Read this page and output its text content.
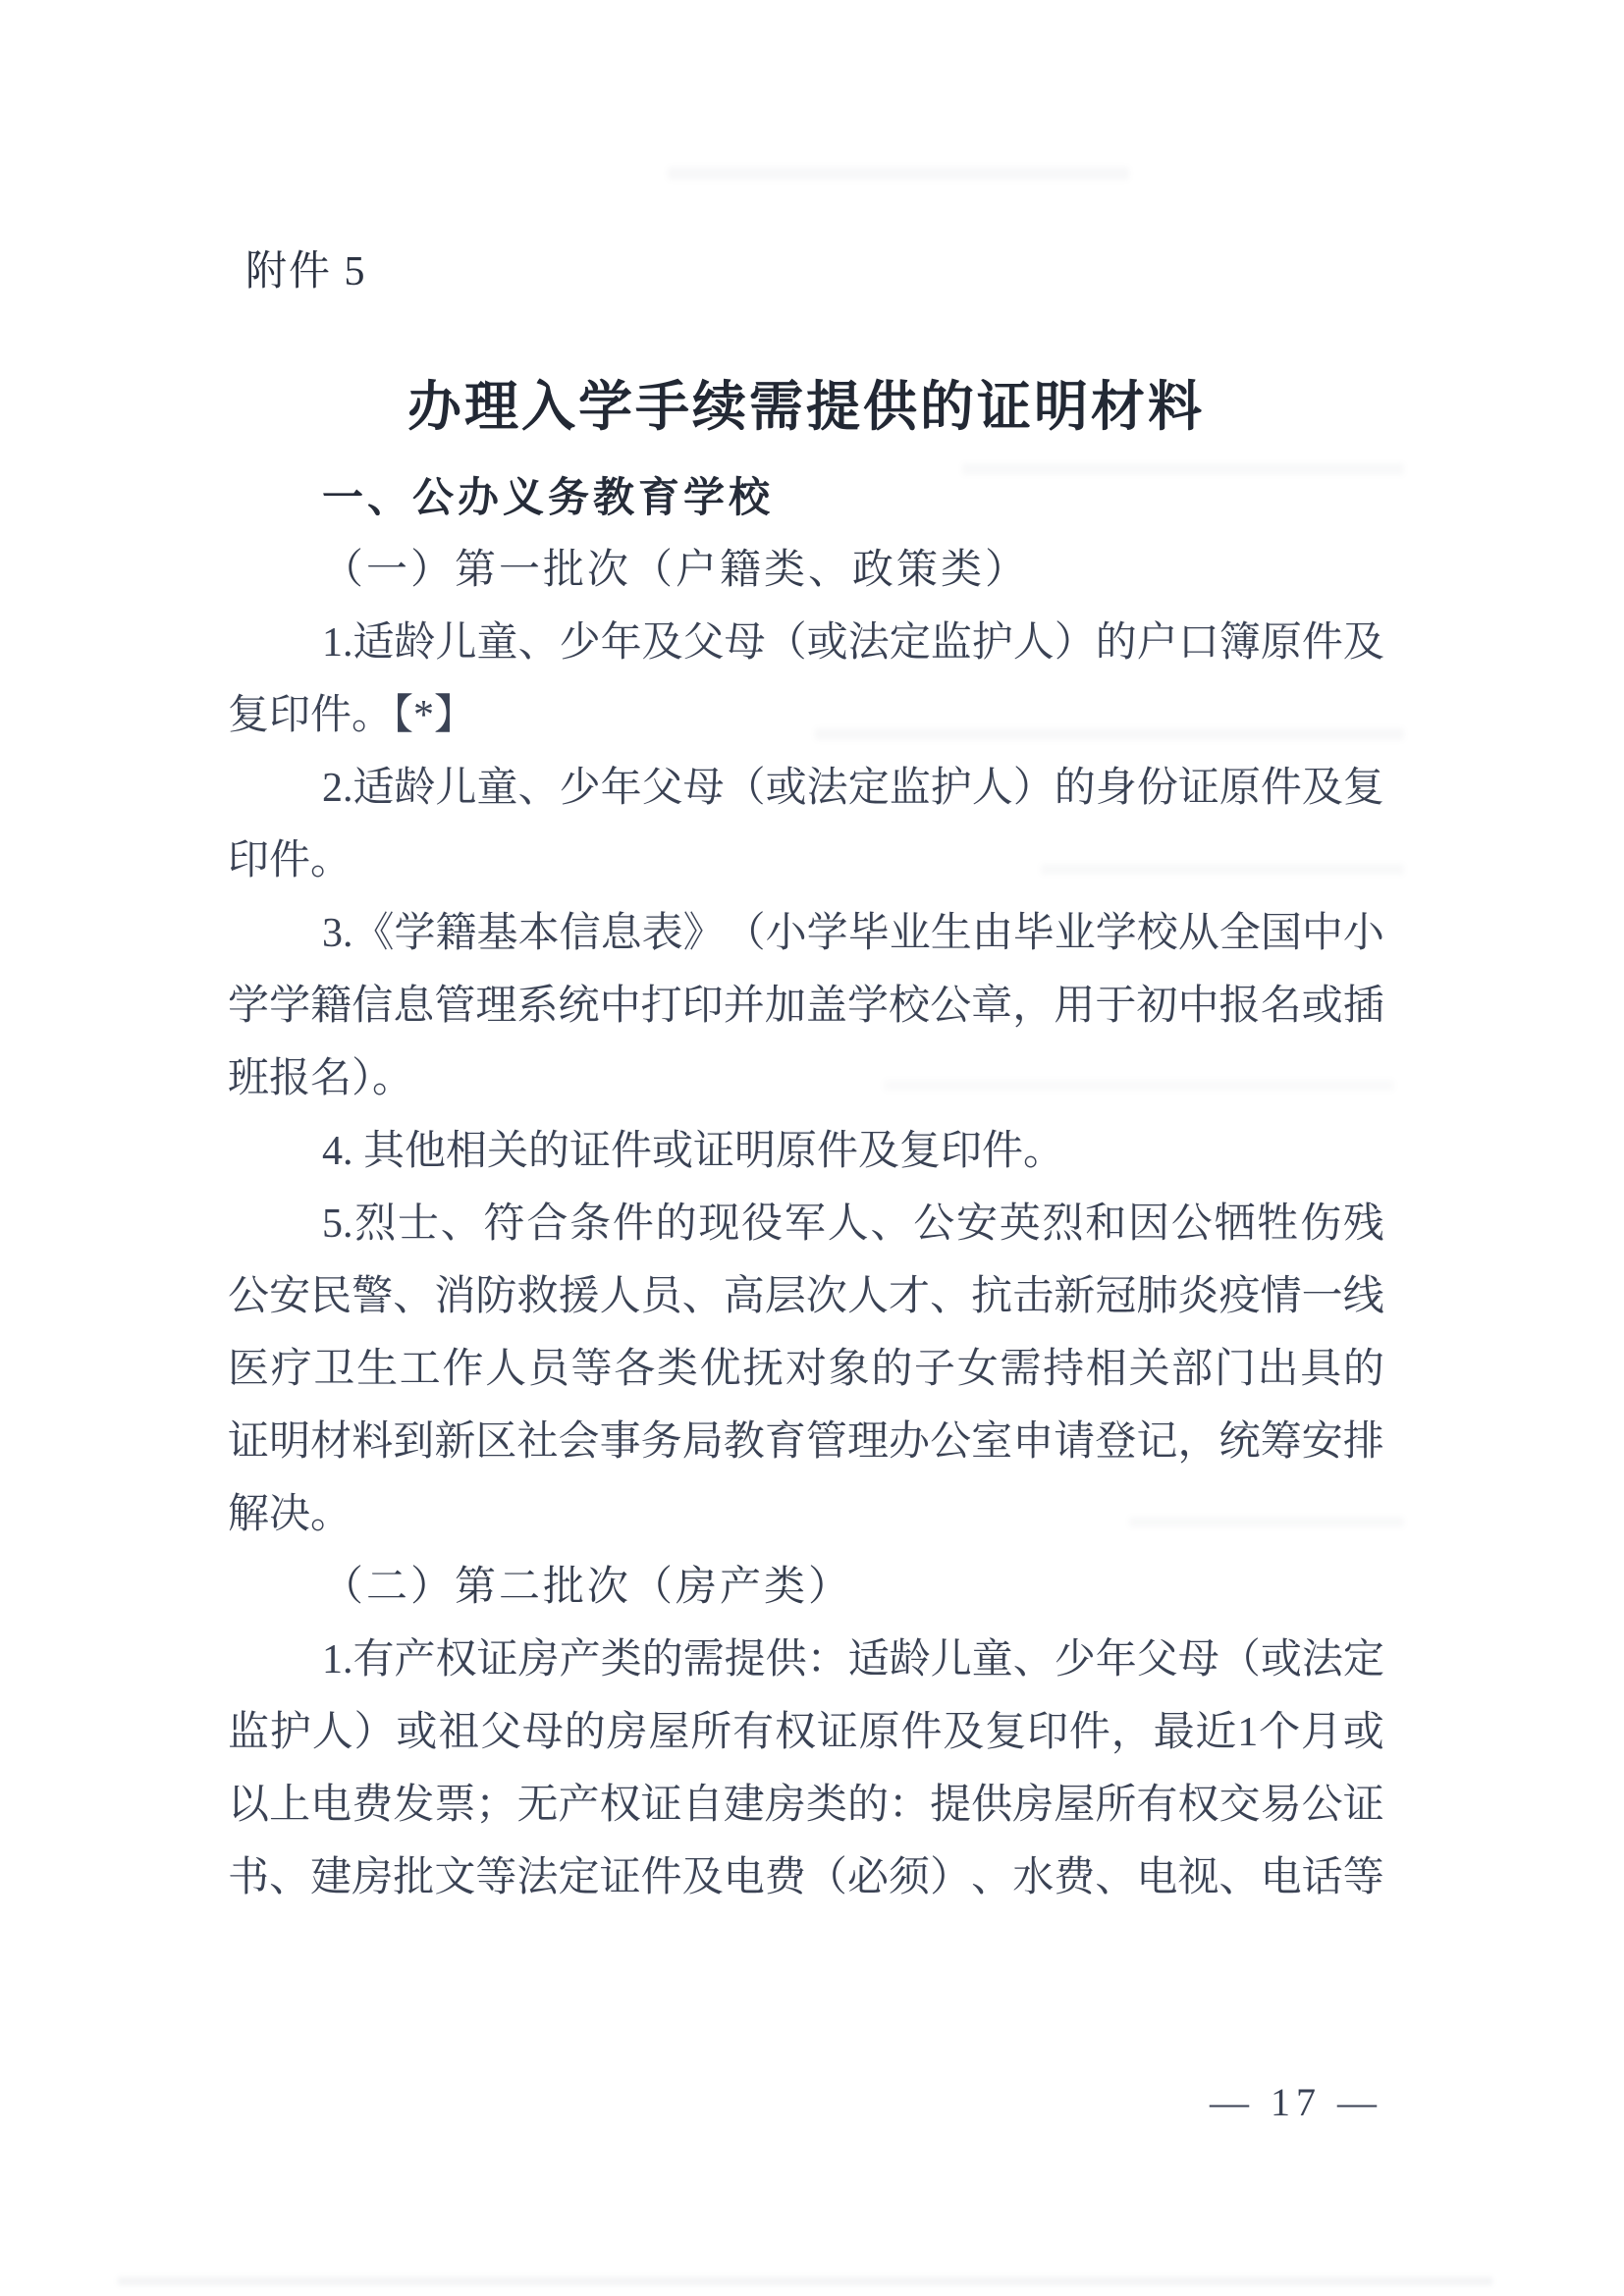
附件 5
办理入学手续需提供的证明材料
一、公办义务教育学校
（一）第一批次（户籍类、政策类）
1. 适 龄 儿 童 、 少 年 及 父 母 （ 或 法 定 监 护 人 ） 的 户 口 簿 原 件 及
复印件。【*】
2. 适 龄 儿 童 、 少 年 父 母 （ 或 法 定 监 护 人 ） 的 身 份 证 原 件 及 复
印件。
3. 《 学 籍 基 本 信 息 表 》 （ 小 学 毕 业 生 由 毕 业 学 校 从 全 国 中 小
学 学 籍 信 息 管 理 系 统 中 打 印 并 加 盖 学 校 公 章 ， 用 于 初 中 报 名 或 插
班报名）。
4. 其他相关的证件或证明原件及复印件。
5. 烈 士 、 符 合 条 件 的 现 役 军 人 、 公 安 英 烈 和 因 公 牺 牲 伤 残
公 安 民 警 、 消 防 救 援 人 员 、 高 层 次 人 才 、 抗 击 新 冠 肺 炎 疫 情 一 线
医 疗 卫 生 工 作 人 员 等 各 类 优 抚 对 象 的 子 女 需 持 相 关 部 门 出 具 的
证 明 材 料 到 新 区 社 会 事 务 局 教 育 管 理 办 公 室 申 请 登 记 ， 统 筹 安 排
解决。
（二）第二批次（房产类）
1. 有 产 权 证 房 产 类 的 需 提 供 ： 适 龄 儿 童 、 少 年 父 母 （ 或 法 定
监 护 人 ） 或 祖 父 母 的 房 屋 所 有 权 证 原 件 及 复 印 件 ， 最 近 1 个 月 或
以 上 电 费 发 票 ； 无 产 权 证 自 建 房 类 的 ： 提 供 房 屋 所 有 权 交 易 公 证
书 、 建 房 批 文 等 法 定 证 件 及 电 费 （ 必 须 ） 、 水 费 、 电 视 、 电 话 等
— 17 —
